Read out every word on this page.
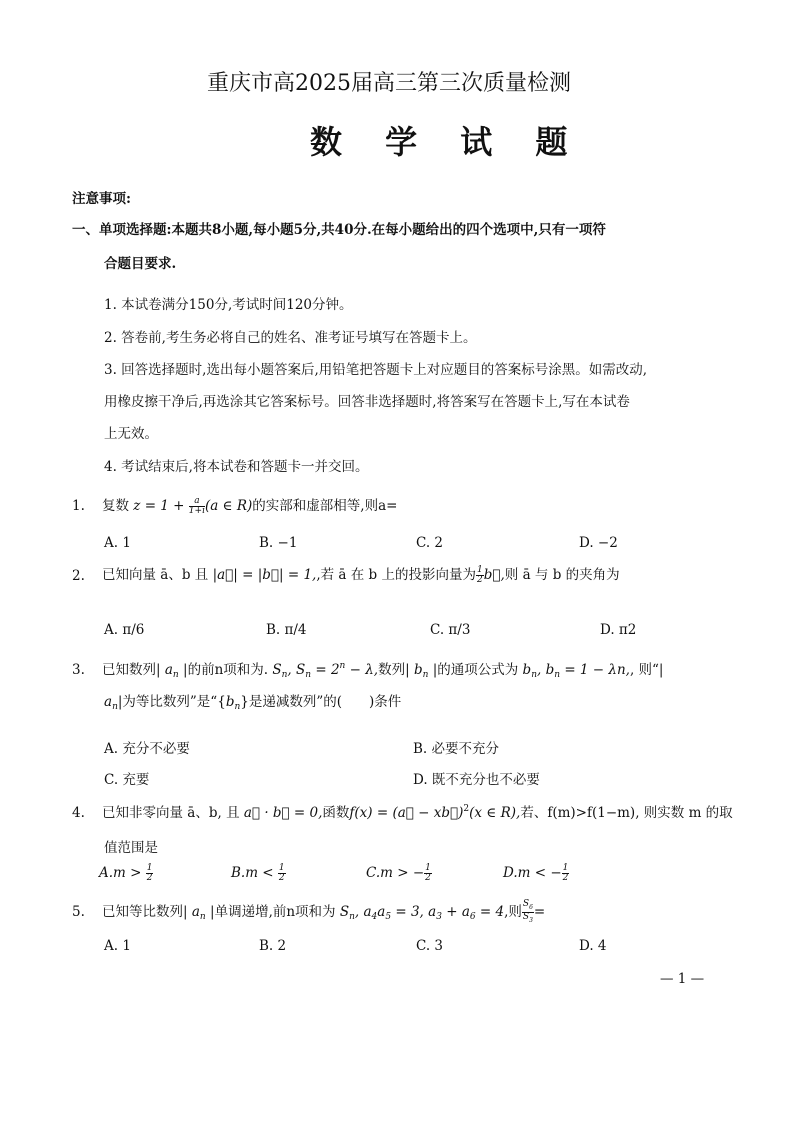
重庆市高2025届高三第三次质量检测
数 学 试 题
注意事项:
一、单项选择题:本题共8小题,每小题5分,共40分.在每小题给出的四个选项中,只有一项符
合题目要求.
1. 本试卷满分150分,考试时间120分钟。
2. 答卷前,考生务必将自己的姓名、准考证号填写在答题卡上。
3. 回答选择题时,选出每小题答案后,用铅笔把答题卡上对应题目的答案标号涂黑。如需改动,
用橡皮擦干净后,再选涂其它答案标号。回答非选择题时,将答案写在答题卡上,写在本试卷
上无效。
4. 考试结束后,将本试卷和答题卡一并交回。
1. 复数 $z = 1 + \frac{a}{1+i} (a$ ∈ R)的实部和虚部相等,则a=
A. 1	B. −1	C. 2	D. −2
2. 已知向量 ā、b 且 |a⃗| = |b⃗| = 1,,若 ā 在 b 上的投影向量为 $\frac{1}{2}$ b⃗,则 ā 与 b 的夹角为
A. π/6	B. π/4	C. π/3	D. π2
3. 已知数列| $a_n$ |的前n项和为. $S_n$, $S_n = 2^n - \lambda$,数列| $b_n$ |的通项公式为 $b_n$, $b_n = 1 - \lambda n$,, 则“|
$a_n|$为等比数列”是“$\{b_n\}$是递减数列”的(   )条件
A. 充分不必要	B. 必要不充分
C. 充要	D. 既不充分也不必要
4. 已知非零向量 ā、b, 且 a⃗ · b⃗ = 0,函数f(x) = (a⃗ − xb⃗)$^2$(x ∈ R),若、f(m)>f(1−m), 则实数 m 的取
值范围是
$A.m > \frac{1}{2}$	$B.m < \frac{1}{2}$	C.m > − $\frac{1}{2}$	D.m < − $\frac{1}{2}$
5. 已知等比数列| $a_n$ |单调递增,前n项和为 $S_n$, $a_4a_5 = 3$, $a_3 + a_6 = 4$,则 $\frac{S_6}{S_3}$ =
A. 1	B. 2	C. 3	D. 4
— 1 —
